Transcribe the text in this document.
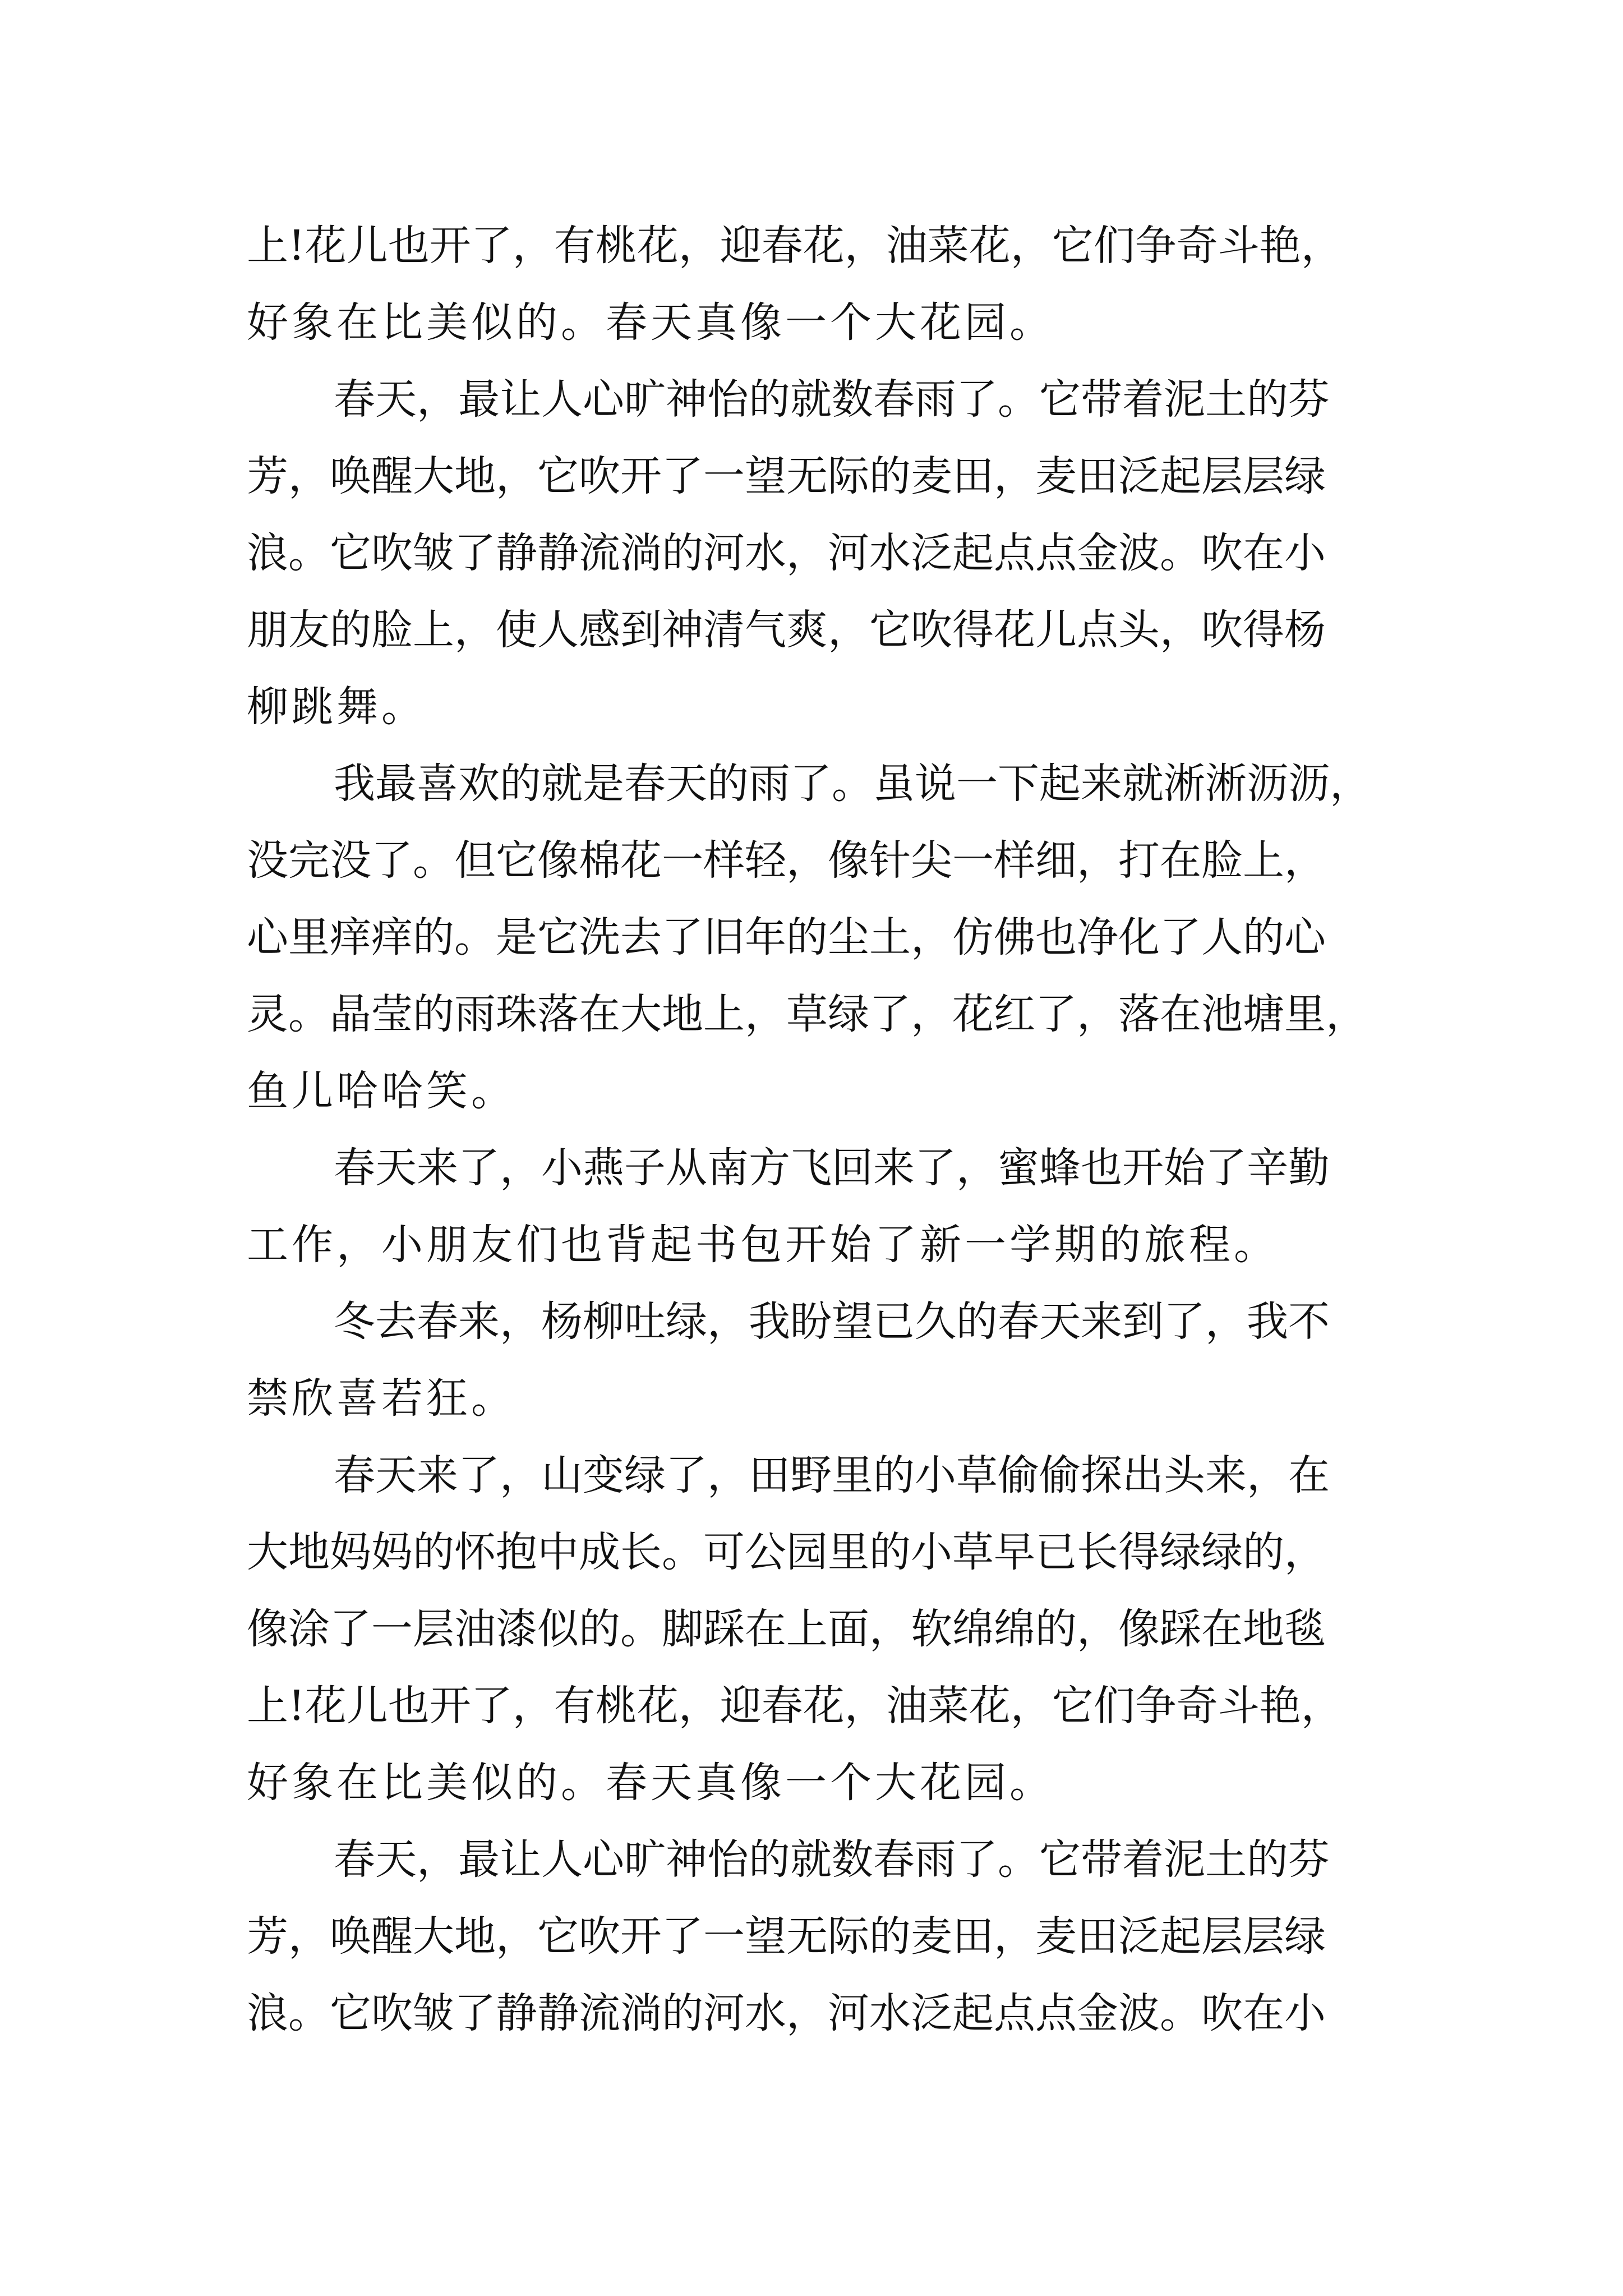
上!花儿也开了，有桃花，迎春花，油菜花，它们争奇斗艳，
好象在比美似的。春天真像一个大花园。
春天，最让人心旷神怡的就数春雨了。它带着泥土的芬
芳，唤醒大地，它吹开了一望无际的麦田，麦田泛起层层绿
浪。它吹皱了静静流淌的河水，河水泛起点点金波。吹在小
朋友的脸上，使人感到神清气爽，它吹得花儿点头，吹得杨
柳跳舞。
我最喜欢的就是春天的雨了。虽说一下起来就淅淅沥沥，
没完没了。但它像棉花一样轻，像针尖一样细，打在脸上，
心里痒痒的。是它洗去了旧年的尘土，仿佛也净化了人的心
灵。晶莹的雨珠落在大地上，草绿了，花红了，落在池塘里，
鱼儿哈哈笑。
春天来了，小燕子从南方飞回来了，蜜蜂也开始了辛勤
工作，小朋友们也背起书包开始了新一学期的旅程。
冬去春来，杨柳吐绿，我盼望已久的春天来到了，我不
禁欣喜若狂。
春天来了，山变绿了，田野里的小草偷偷探出头来，在
大地妈妈的怀抱中成长。可公园里的小草早已长得绿绿的，
像涂了一层油漆似的。脚踩在上面，软绵绵的，像踩在地毯
上!花儿也开了，有桃花，迎春花，油菜花，它们争奇斗艳，
好象在比美似的。春天真像一个大花园。
春天，最让人心旷神怡的就数春雨了。它带着泥土的芬
芳，唤醒大地，它吹开了一望无际的麦田，麦田泛起层层绿
浪。它吹皱了静静流淌的河水，河水泛起点点金波。吹在小
